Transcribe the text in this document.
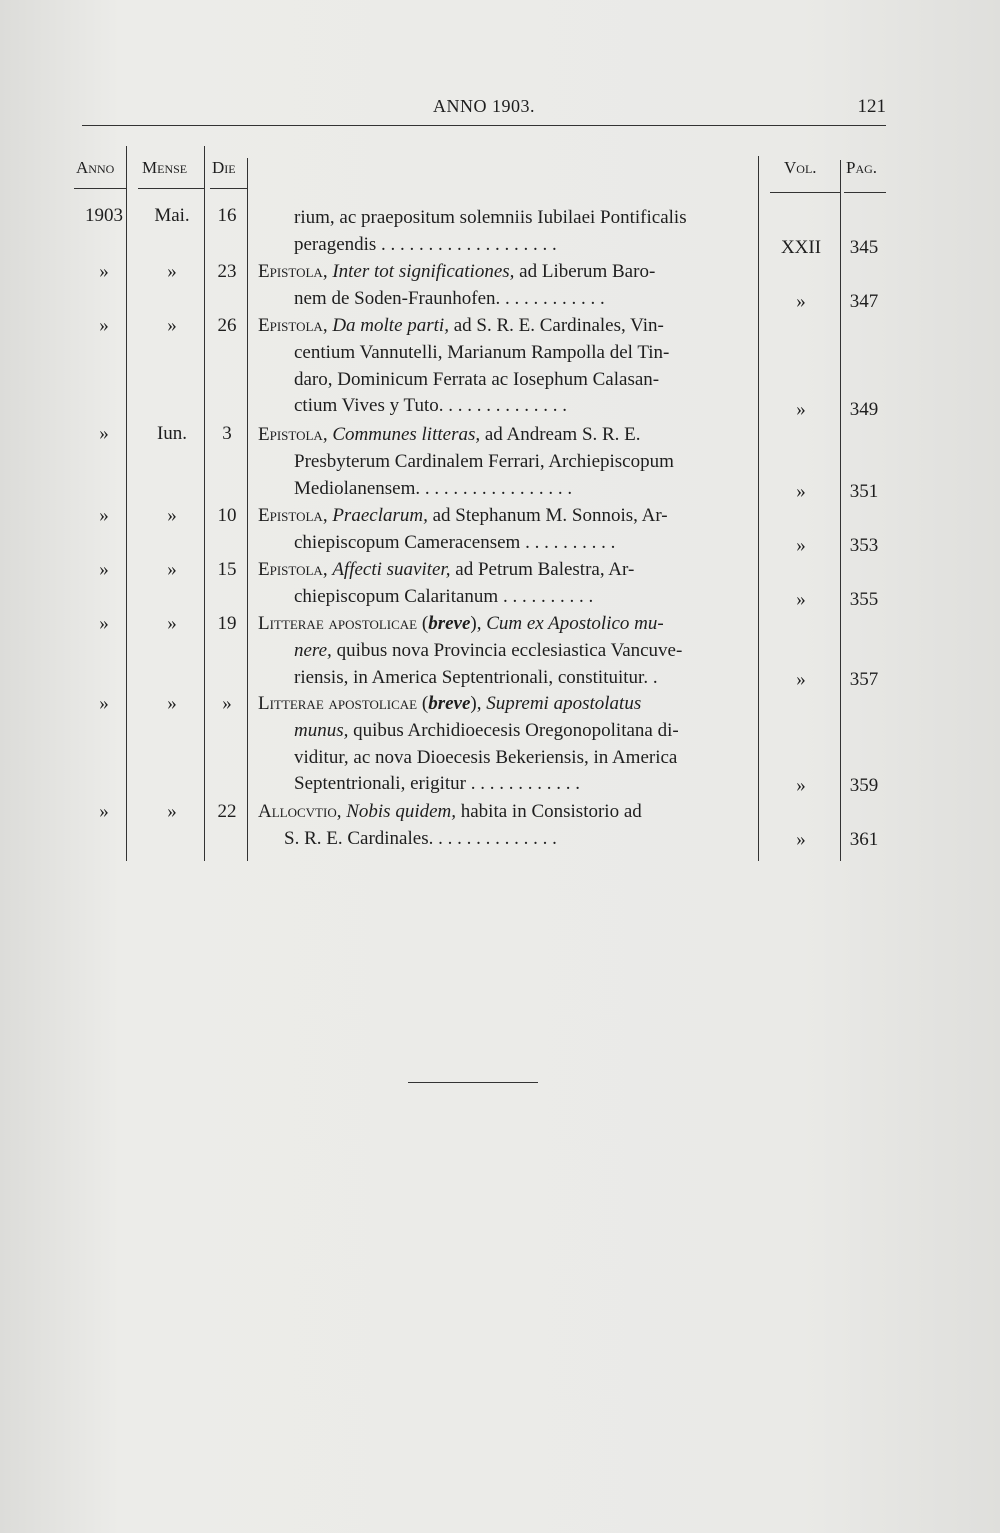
ANNO 1903.	121
Anno Mense Die	Vol. Pag.
1903	Mai.	16	rium, ac praepositum solemniis Iubilaei Pontificalis
peragendis . . . . . . . . . . . . . . . . . . .	XXII	345
»	»	23	Epistola, Inter tot significationes, ad Liberum Baro-
nem de Soden-Fraunhofen. . . . . . . . . . . .	»	347
»	»	26	Epistola, Da molte parti, ad S. R. E. Cardinales, Vin-
centium Vannutelli, Marianum Rampolla del Tin-
daro, Dominicum Ferrata ac Iosephum Calasan-
ctium Vives y Tuto. . . . . . . . . . . . . .	»	349
»	Iun.	3	Epistola, Communes litteras, ad Andream S. R. E.
Presbyterum Cardinalem Ferrari, Archiepiscopum
Mediolanensem. . . . . . . . . . . . . . . . .	»	351
»	»	10	Epistola, Praeclarum, ad Stephanum M. Sonnois, Ar-
chiepiscopum Cameracensem . . . . . . . . . .	»	353
»	»	15	Epistola, Affecti suaviter, ad Petrum Balestra, Ar-
chiepiscopum Calaritanum . . . . . . . . . .	»	355
»	»	19	Litterae apostolicae (breve), Cum ex Apostolico mu-
nere, quibus nova Provincia ecclesiastica Vancuve-
riensis, in America Septentrionali, constituitur. .	»	357
»	»	»	Litterae apostolicae (breve), Supremi apostolatus
munus, quibus Archidioecesis Oregonopolitana di-
viditur, ac nova Dioecesis Bekeriensis, in America
Septentrionali, erigitur . . . . . . . . . . . .	»	359
»	»	22	Allocvtio, Nobis quidem, habita in Consistorio ad
S. R. E. Cardinales. . . . . . . . . . . . . .	»	361
